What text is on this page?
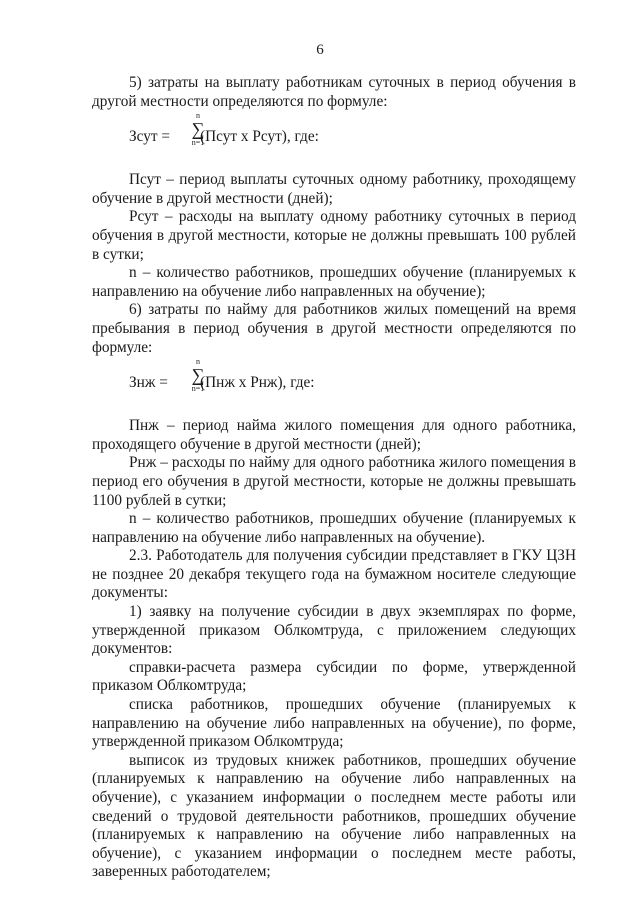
6

5) затраты на выплату работникам суточных в период обучения в другой местности определяются по формуле:

Зсут =
n
∑
n=1
(Псут х Рсут), где:

Псут – период выплаты суточных одному работнику, проходящему обучение в другой местности (дней);

Рсут – расходы на выплату одному работнику суточных в период обучения в другой местности, которые не должны превышать 100 рублей в сутки;

n – количество работников, прошедших обучение (планируемых к направлению на обучение либо направленных на обучение);

6) затраты по найму для работников жилых помещений на время пребывания в период обучения в другой местности определяются по формуле:

Знж =
n
∑
n=1
(Пнж х Рнж), где:

Пнж – период найма жилого помещения для одного работника, проходящего обучение в другой местности (дней);

Рнж – расходы по найму для одного работника жилого помещения в период его обучения в другой местности, которые не должны превышать 1100 рублей в сутки;

n – количество работников, прошедших обучение (планируемых к направлению на обучение либо направленных на обучение).

2.3. Работодатель для получения субсидии представляет в ГКУ ЦЗН не позднее 20 декабря текущего года на бумажном носителе следующие документы:

1) заявку на получение субсидии в двух экземплярах по форме, утвержденной приказом Облкомтруда, с приложением следующих документов:

справки-расчета размера субсидии по форме, утвержденной приказом Облкомтруда;

списка работников, прошедших обучение (планируемых к направлению на обучение либо направленных на обучение), по форме, утвержденной приказом Облкомтруда;

выписок из трудовых книжек работников, прошедших обучение (планируемых к направлению на обучение либо направленных на обучение), с указанием информации о последнем месте работы или сведений о трудовой деятельности работников, прошедших обучение (планируемых к направлению на обучение либо направленных на обучение), с указанием информации о последнем месте работы, заверенных работодателем;
